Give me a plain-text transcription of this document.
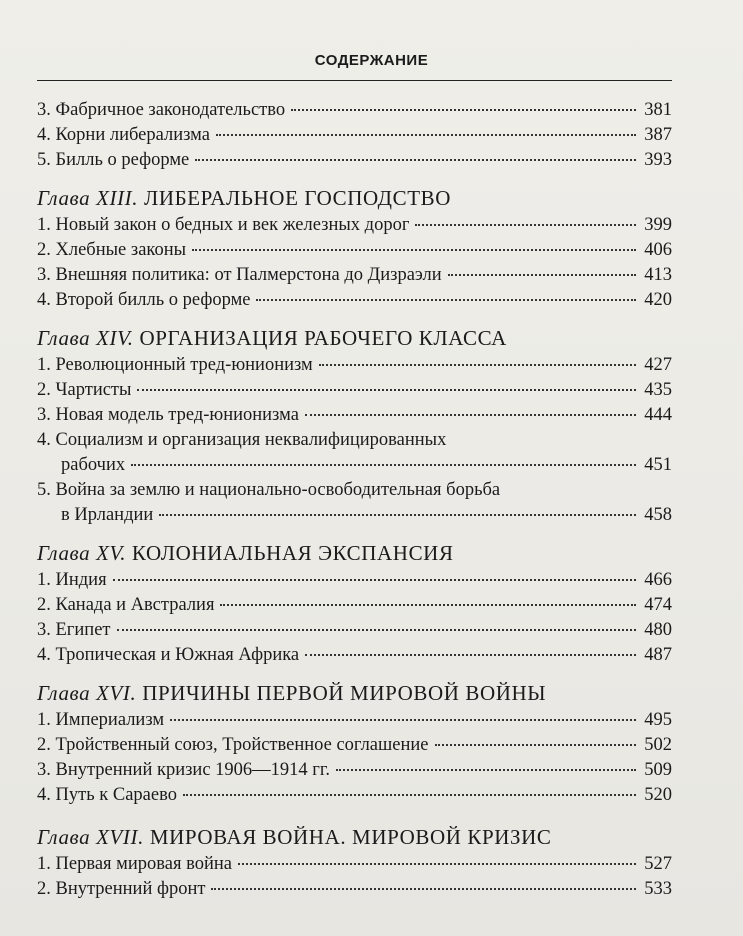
СОДЕРЖАНИЕ
3. Фабричное законодательство	381
4. Корни либерализма	387
5. Билль о реформе	393
Глава XIII. ЛИБЕРАЛЬНОЕ ГОСПОДСТВО
1. Новый закон о бедных и век железных дорог	399
2. Хлебные законы	406
3. Внешняя политика: от Палмерстона до Дизраэли	413
4. Второй билль о реформе	420
Глава XIV. ОРГАНИЗАЦИЯ РАБОЧЕГО КЛАССА
1. Революционный тред-юнионизм	427
2. Чартисты	435
3. Новая модель тред-юнионизма	444
4. Социализм и организация неквалифицированных
рабочих	451
5. Война за землю и национально-освободительная борьба
в Ирландии	458
Глава XV. КОЛОНИАЛЬНАЯ ЭКСПАНСИЯ
1. Индия	466
2. Канада и Австралия	474
3. Египет	480
4. Тропическая и Южная Африка	487
Глава XVI. ПРИЧИНЫ ПЕРВОЙ МИРОВОЙ ВОЙНЫ
1. Империализм	495
2. Тройственный союз, Тройственное соглашение	502
3. Внутренний кризис 1906—1914 гг.	509
4. Путь к Сараево	520
Глава XVII. МИРОВАЯ ВОЙНА. МИРОВОЙ КРИЗИС
1. Первая мировая война	527
2. Внутренний фронт	533
